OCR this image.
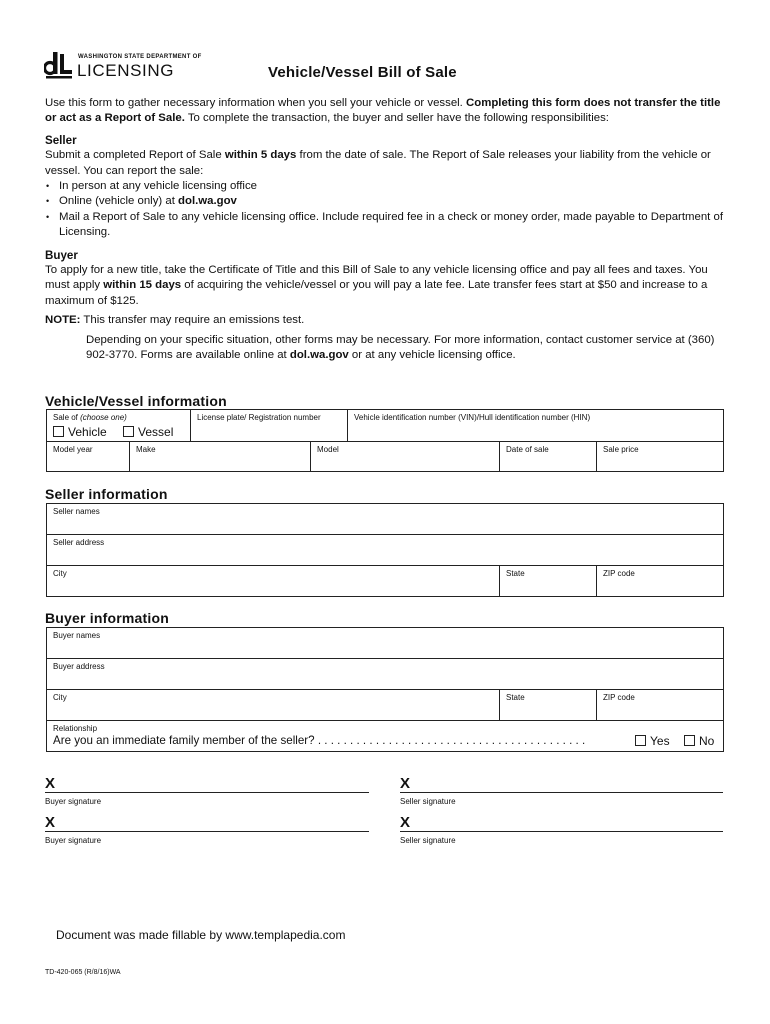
WASHINGTON STATE DEPARTMENT OF
LICENSING	Vehicle/Vessel Bill of Sale

Use this form to gather necessary information when you sell your vehicle or vessel. Completing this form does not transfer the title or act as a Report of Sale. To complete the transaction, the buyer and seller have the following responsibilities:

Seller

Submit a completed Report of Sale within 5 days from the date of sale. The Report of Sale releases your liability from the vehicle or vessel. You can report the sale:

• In person at any vehicle licensing office

• Online (vehicle only) at dol.wa.gov

• Mail a Report of Sale to any vehicle licensing office. Include required fee in a check or money order, made payable to Department of Licensing.

Buyer

To apply for a new title, take the Certificate of Title and this Bill of Sale to any vehicle licensing office and pay all fees and taxes. You must apply within 15 days of acquiring the vehicle/vessel or you will pay a late fee. Late transfer fees start at $50 and increase to a maximum of $125.

NOTE: This transfer may require an emissions test.

Depending on your specific situation, other forms may be necessary. For more information, contact customer service at (360) 902-3770. Forms are available online at dol.wa.gov or at any vehicle licensing office.

Vehicle/Vessel information
Sale of (choose one)
Vehicle	Vessel
License plate/ Registration number	Vehicle identification number (VIN)/Hull identification number (HIN)
Model year	Make	Model	Date of sale	Sale price
Seller information
Seller names
Seller address
City	State	ZIP code
Buyer information
Buyer names
Buyer address
City	State	ZIP code
Relationship
Are you an immediate family member of the seller? . . . . . . . . . . . . . . . . . . . . . . . . . . . . . . . . . . . . . . . . . .	Yes	No
X
Buyer signature
X
Seller signature
X
Buyer signature
X
Seller signature
Document was made fillable by www.templapedia.com
TD-420-065 (R/8/16)WA
